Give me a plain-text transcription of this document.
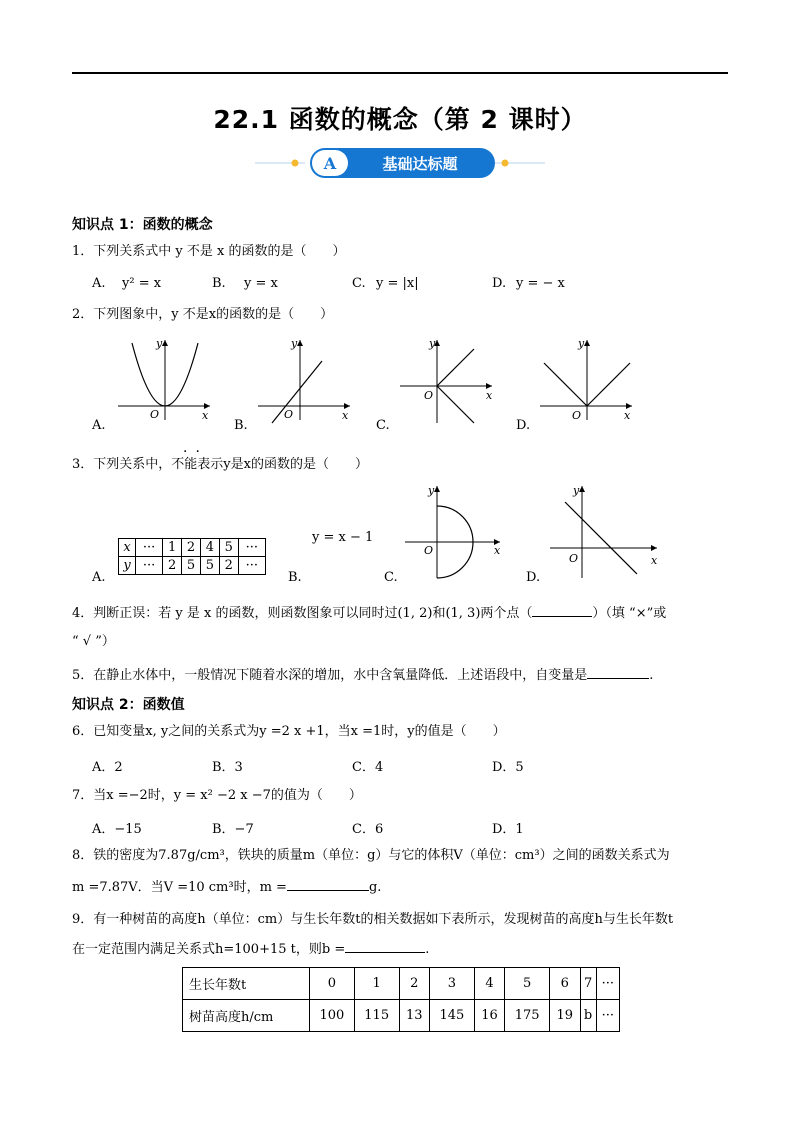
22.1 函数的概念（第 2 课时）
A	基础达标题
知识点 1：函数的概念
1．下列关系式中 y 不是 x 的函数的是（　　）
A. y² = x	B. y = x	C. y = |x|	D. y = − x
2．下列图象中，y 不是x的函数的是（　　）
y
x
O
A.
y
x
O
B.
y
x
O
C.
y
x
O
D.
··
3．下列关系中，不能表示y是x的函数的是（　　）
x	···	1	2	4	5	···
y	···	2	5	5	2	···
A.
y = x − 1
B.
y
x
O
C.
y
x
O
D.
4．判断正误：若 y 是 x 的函数，则函数图象可以同时过(1, 2)和(1, 3)两个点（	）（填 “×”或
“ √ ”）
5．在静止水体中，一般情况下随着水深的增加，水中含氧量降低．上述语段中，自变量是	.
知识点 2：函数值
6．已知变量x, y之间的关系式为y =2 x +1，当x =1时，y的值是（　　）
A．2	B．3	C．4	D．5
7．当x =−2时，y = x² −2 x −7的值为（　　）
A．−15	B．−7	C．6	D．1
8．铁的密度为7.87g/cm³，铁块的质量m（单位：g）与它的体积V（单位：cm³）之间的函数关系式为
m =7.87V．当V =10 cm³时，m =	g.
9．有一种树苗的高度h（单位：cm）与生长年数t的相关数据如下表所示，发现树苗的高度h与生长年数t
在一定范围内满足关系式h=100+15 t，则b =	.
生长年数t	0	1	2	3	4	5	6	7	···
树苗高度h/cm	100	115	13	145	16	175	19	b	···
